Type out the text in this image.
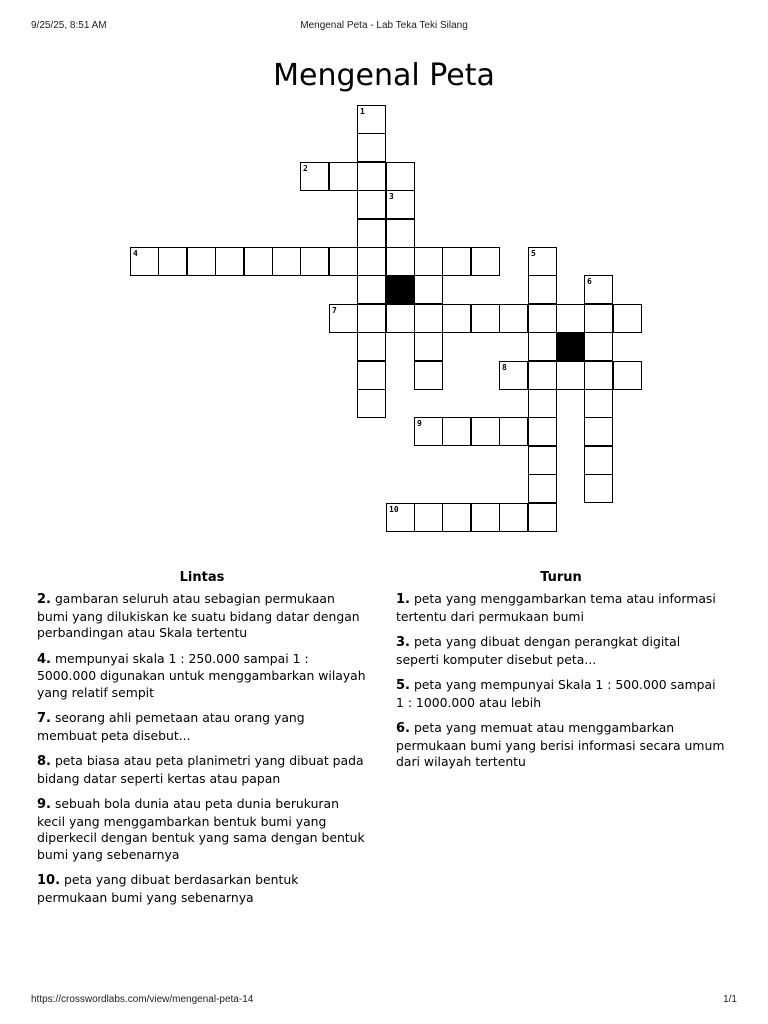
9/25/25, 8:51 AM	Mengenal Peta - Lab Teka Teki Silang
Mengenal Peta
1
2
3
4	5
6
7
8
9
10
Lintas
2. gambaran seluruh atau sebagian permukaan bumi yang dilukiskan ke suatu bidang datar dengan perbandingan atau Skala tertentu
4. mempunyai skala 1 : 250.000 sampai 1 : 5000.000 digunakan untuk menggambarkan wilayah yang relatif sempit
7. seorang ahli pemetaan atau orang yang membuat peta disebut...
8. peta biasa atau peta planimetri yang dibuat pada bidang datar seperti kertas atau papan
9. sebuah bola dunia atau peta dunia berukuran kecil yang menggambarkan bentuk bumi yang diperkecil dengan bentuk yang sama dengan bentuk bumi yang sebenarnya
10. peta yang dibuat berdasarkan bentuk permukaan bumi yang sebenarnya
Turun
1. peta yang menggambarkan tema atau informasi tertentu dari permukaan bumi
3. peta yang dibuat dengan perangkat digital seperti komputer disebut peta...
5. peta yang mempunyai Skala 1 : 500.000 sampai 1 : 1000.000 atau lebih
6. peta yang memuat atau menggambarkan permukaan bumi yang berisi informasi secara umum dari wilayah tertentu
https://crosswordlabs.com/view/mengenal-peta-14	1/1
